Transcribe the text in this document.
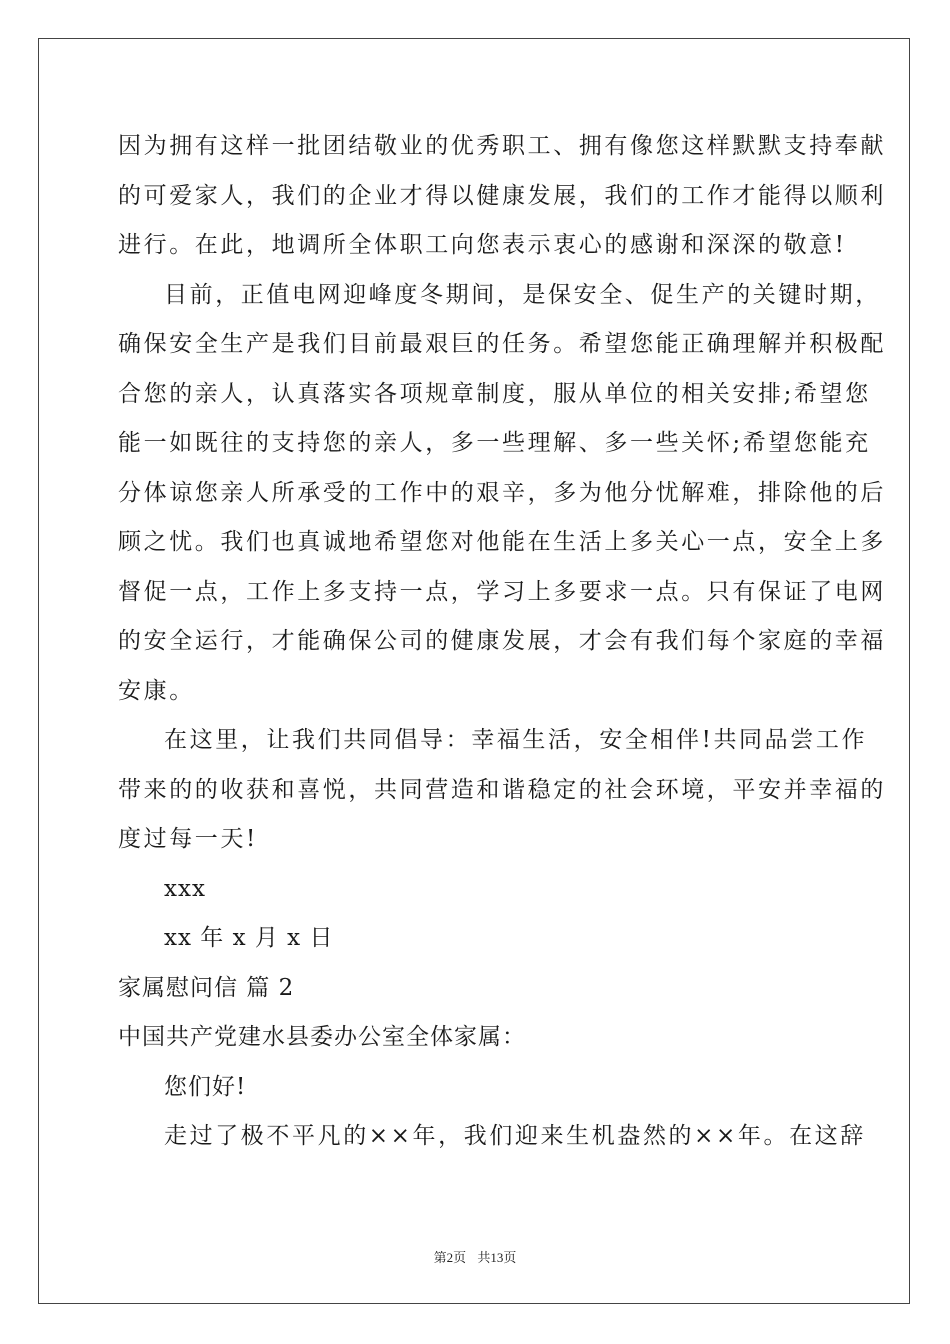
因为拥有这样一批团结敬业的优秀职工、拥有像您这样默默支持奉献
的可爱家人，我们的企业才得以健康发展，我们的工作才能得以顺利
进行。在此，地调所全体职工向您表示衷心的感谢和深深的敬意!
目前，正值电网迎峰度冬期间，是保安全、促生产的关键时期，
确保安全生产是我们目前最艰巨的任务。希望您能正确理解并积极配
合您的亲人，认真落实各项规章制度，服从单位的相关安排;希望您
能一如既往的支持您的亲人，多一些理解、多一些关怀;希望您能充
分体谅您亲人所承受的工作中的艰辛，多为他分忧解难，排除他的后
顾之忧。我们也真诚地希望您对他能在生活上多关心一点，安全上多
督促一点，工作上多支持一点，学习上多要求一点。只有保证了电网
的安全运行，才能确保公司的健康发展，才会有我们每个家庭的幸福
安康。
在这里，让我们共同倡导：幸福生活，安全相伴!共同品尝工作
带来的的收获和喜悦，共同营造和谐稳定的社会环境，平安并幸福的
度过每一天!
xxx
xx 年 x 月 x 日
家属慰问信 篇 2
中国共产党建水县委办公室全体家属：
您们好!
走过了极不平凡的××年，我们迎来生机盎然的××年。在这辞
第2页 共13页
